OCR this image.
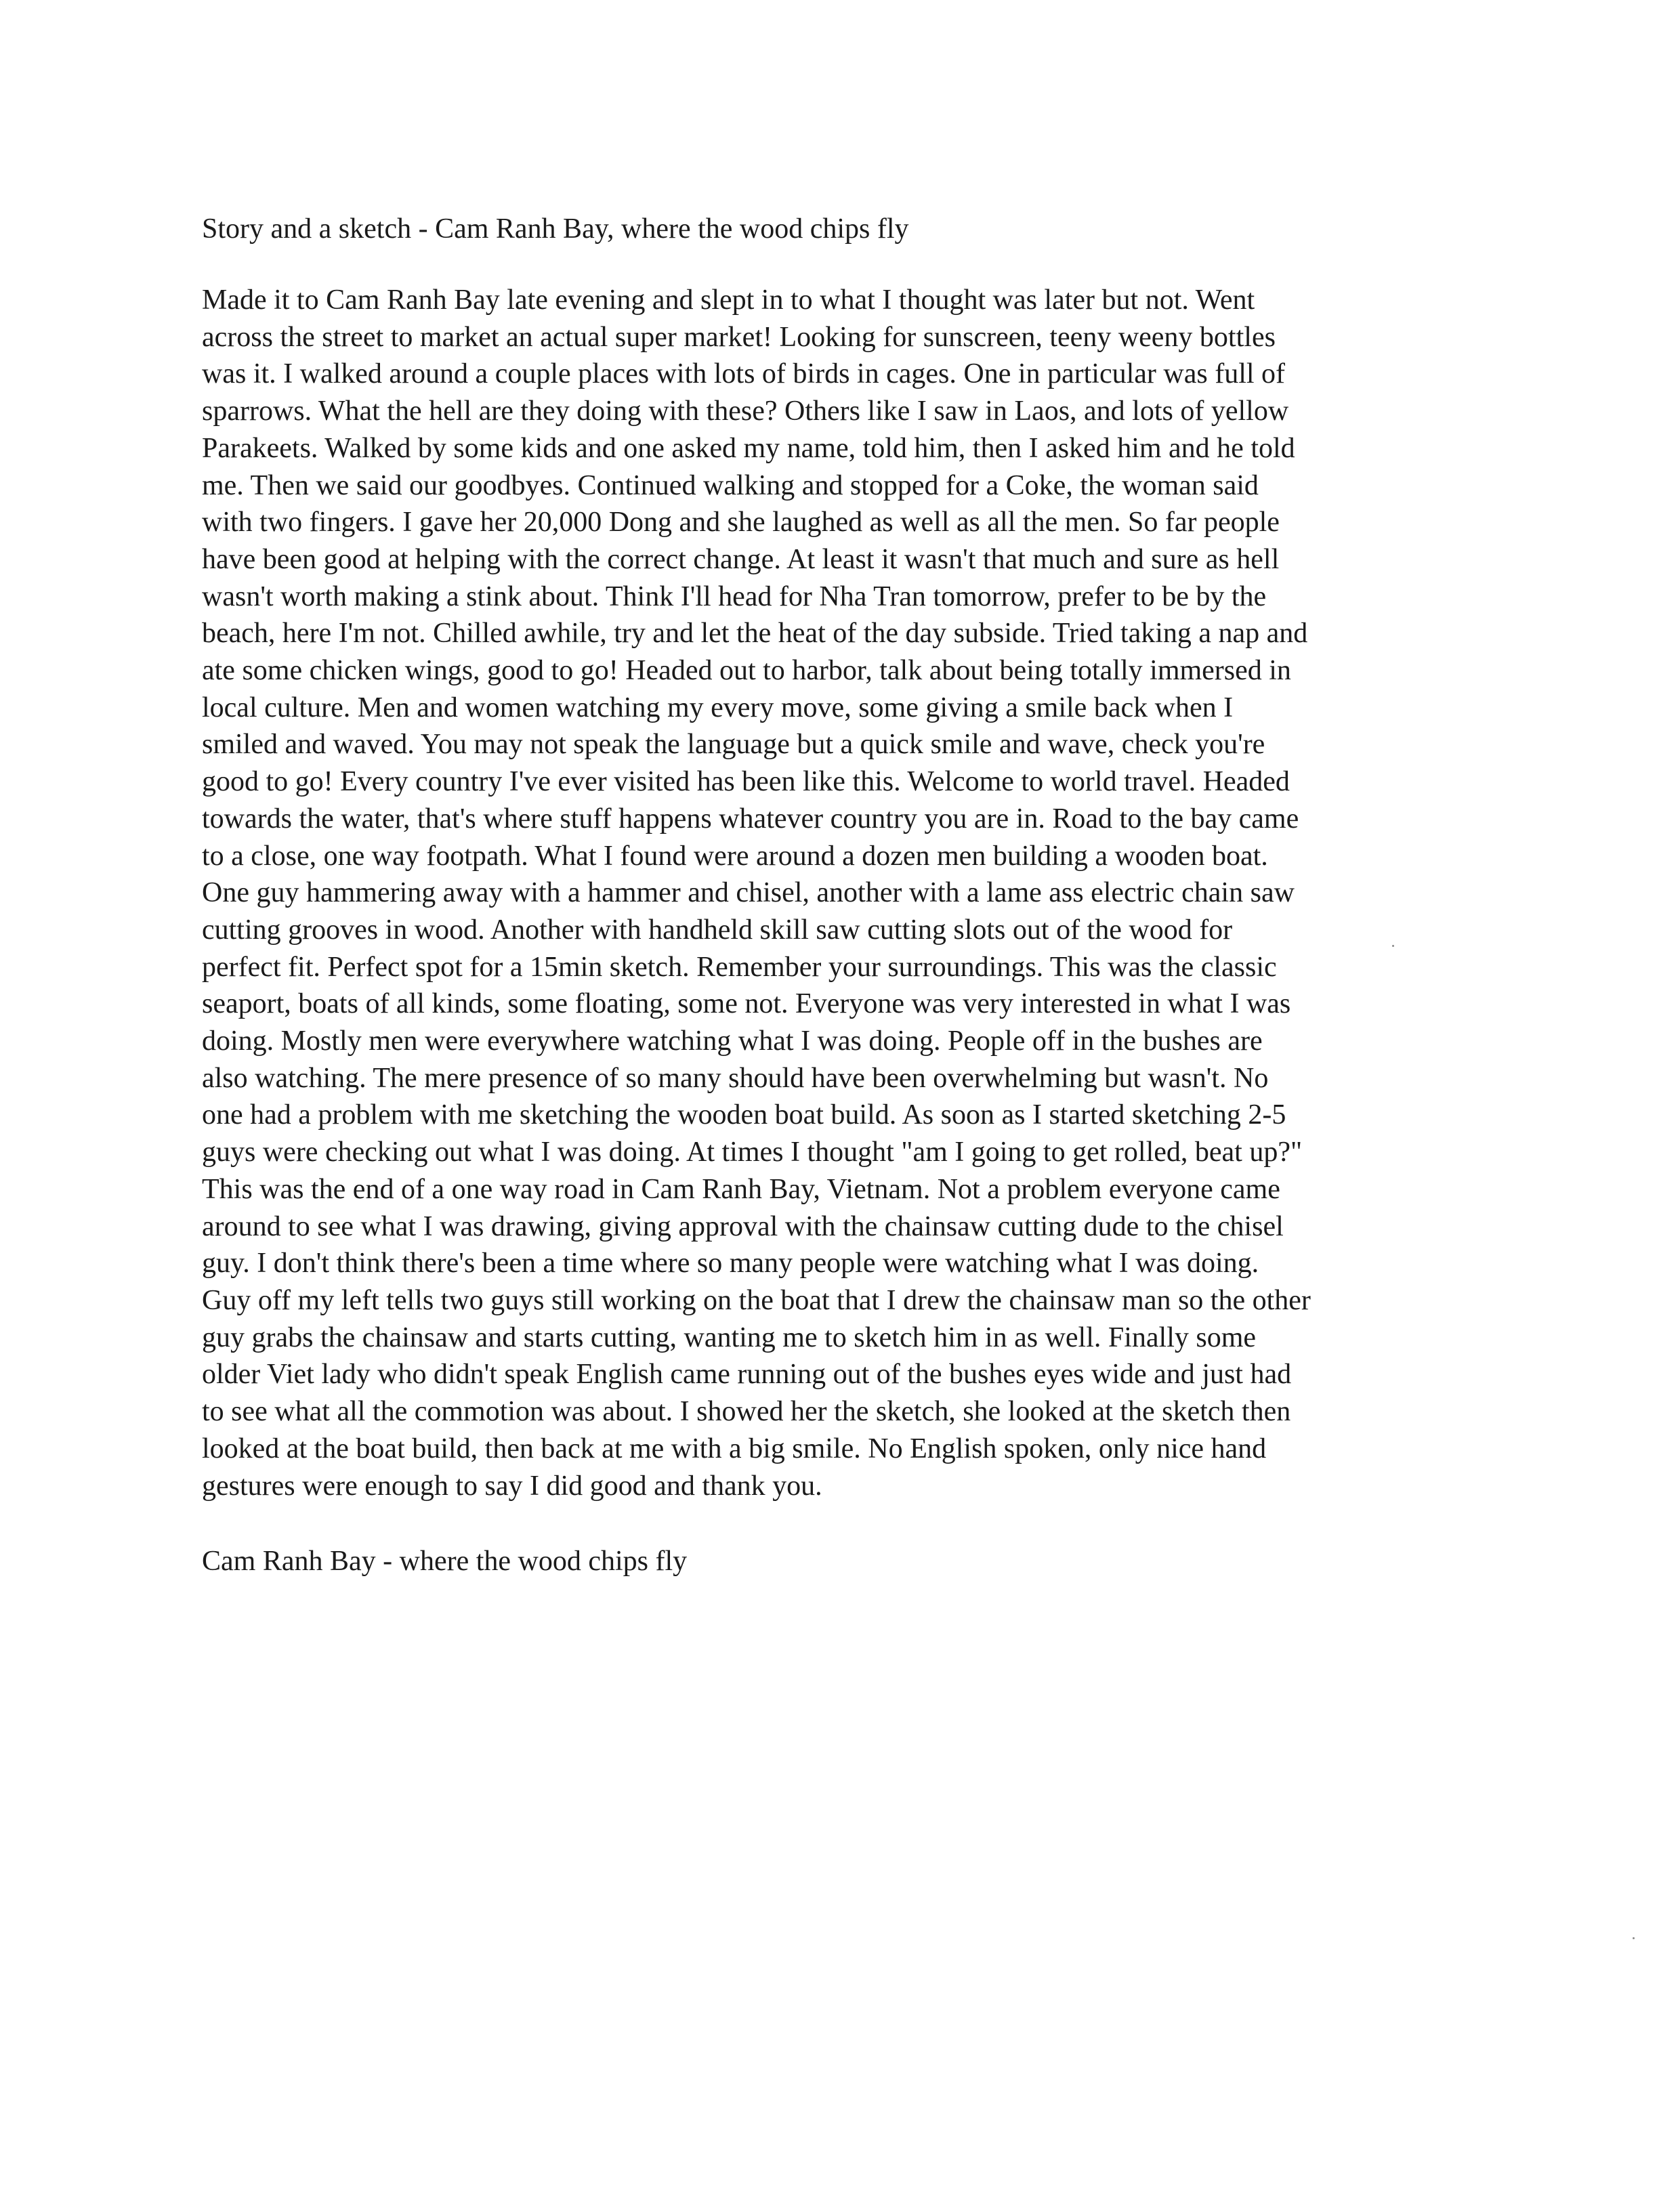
Story and a sketch - Cam Ranh Bay, where the wood chips fly
Made it to Cam Ranh Bay late evening and slept in to what I thought was later but not. Went
across the street to market an actual super market! Looking for sunscreen, teeny weeny bottles
was it. I walked around a couple places with lots of birds in cages. One in particular was full of
sparrows. What the hell are they doing with these? Others like I saw in Laos, and lots of yellow
Parakeets. Walked by some kids and one asked my name, told him, then I asked him and he told
me. Then we said our goodbyes. Continued walking and stopped for a Coke, the woman said
with two fingers. I gave her 20,000 Dong and she laughed as well as all the men. So far people
have been good at helping with the correct change. At least it wasn't that much and sure as hell
wasn't worth making a stink about. Think I'll head for Nha Tran tomorrow, prefer to be by the
beach, here I'm not. Chilled awhile, try and let the heat of the day subside. Tried taking a nap and
ate some chicken wings, good to go! Headed out to harbor, talk about being totally immersed in
local culture. Men and women watching my every move, some giving a smile back when I
smiled and waved. You may not speak the language but a quick smile and wave, check you're
good to go! Every country I've ever visited has been like this. Welcome to world travel. Headed
towards the water, that's where stuff happens whatever country you are in. Road to the bay came
to a close, one way footpath. What I found were around a dozen men building a wooden boat.
One guy hammering away with a hammer and chisel, another with a lame ass electric chain saw
cutting grooves in wood. Another with handheld skill saw cutting slots out of the wood for
perfect fit. Perfect spot for a 15min sketch. Remember your surroundings. This was the classic
seaport, boats of all kinds, some floating, some not. Everyone was very interested in what I was
doing. Mostly men were everywhere watching what I was doing. People off in the bushes are
also watching. The mere presence of so many should have been overwhelming but wasn't. No
one had a problem with me sketching the wooden boat build. As soon as I started sketching 2-5
guys were checking out what I was doing. At times I thought "am I going to get rolled, beat up?"
This was the end of a one way road in Cam Ranh Bay, Vietnam. Not a problem everyone came
around to see what I was drawing, giving approval with the chainsaw cutting dude to the chisel
guy. I don't think there's been a time where so many people were watching what I was doing.
Guy off my left tells two guys still working on the boat that I drew the chainsaw man so the other
guy grabs the chainsaw and starts cutting, wanting me to sketch him in as well. Finally some
older Viet lady who didn't speak English came running out of the bushes eyes wide and just had
to see what all the commotion was about. I showed her the sketch, she looked at the sketch then
looked at the boat build, then back at me with a big smile. No English spoken, only nice hand
gestures were enough to say I did good and thank you.
Cam Ranh Bay - where the wood chips fly
